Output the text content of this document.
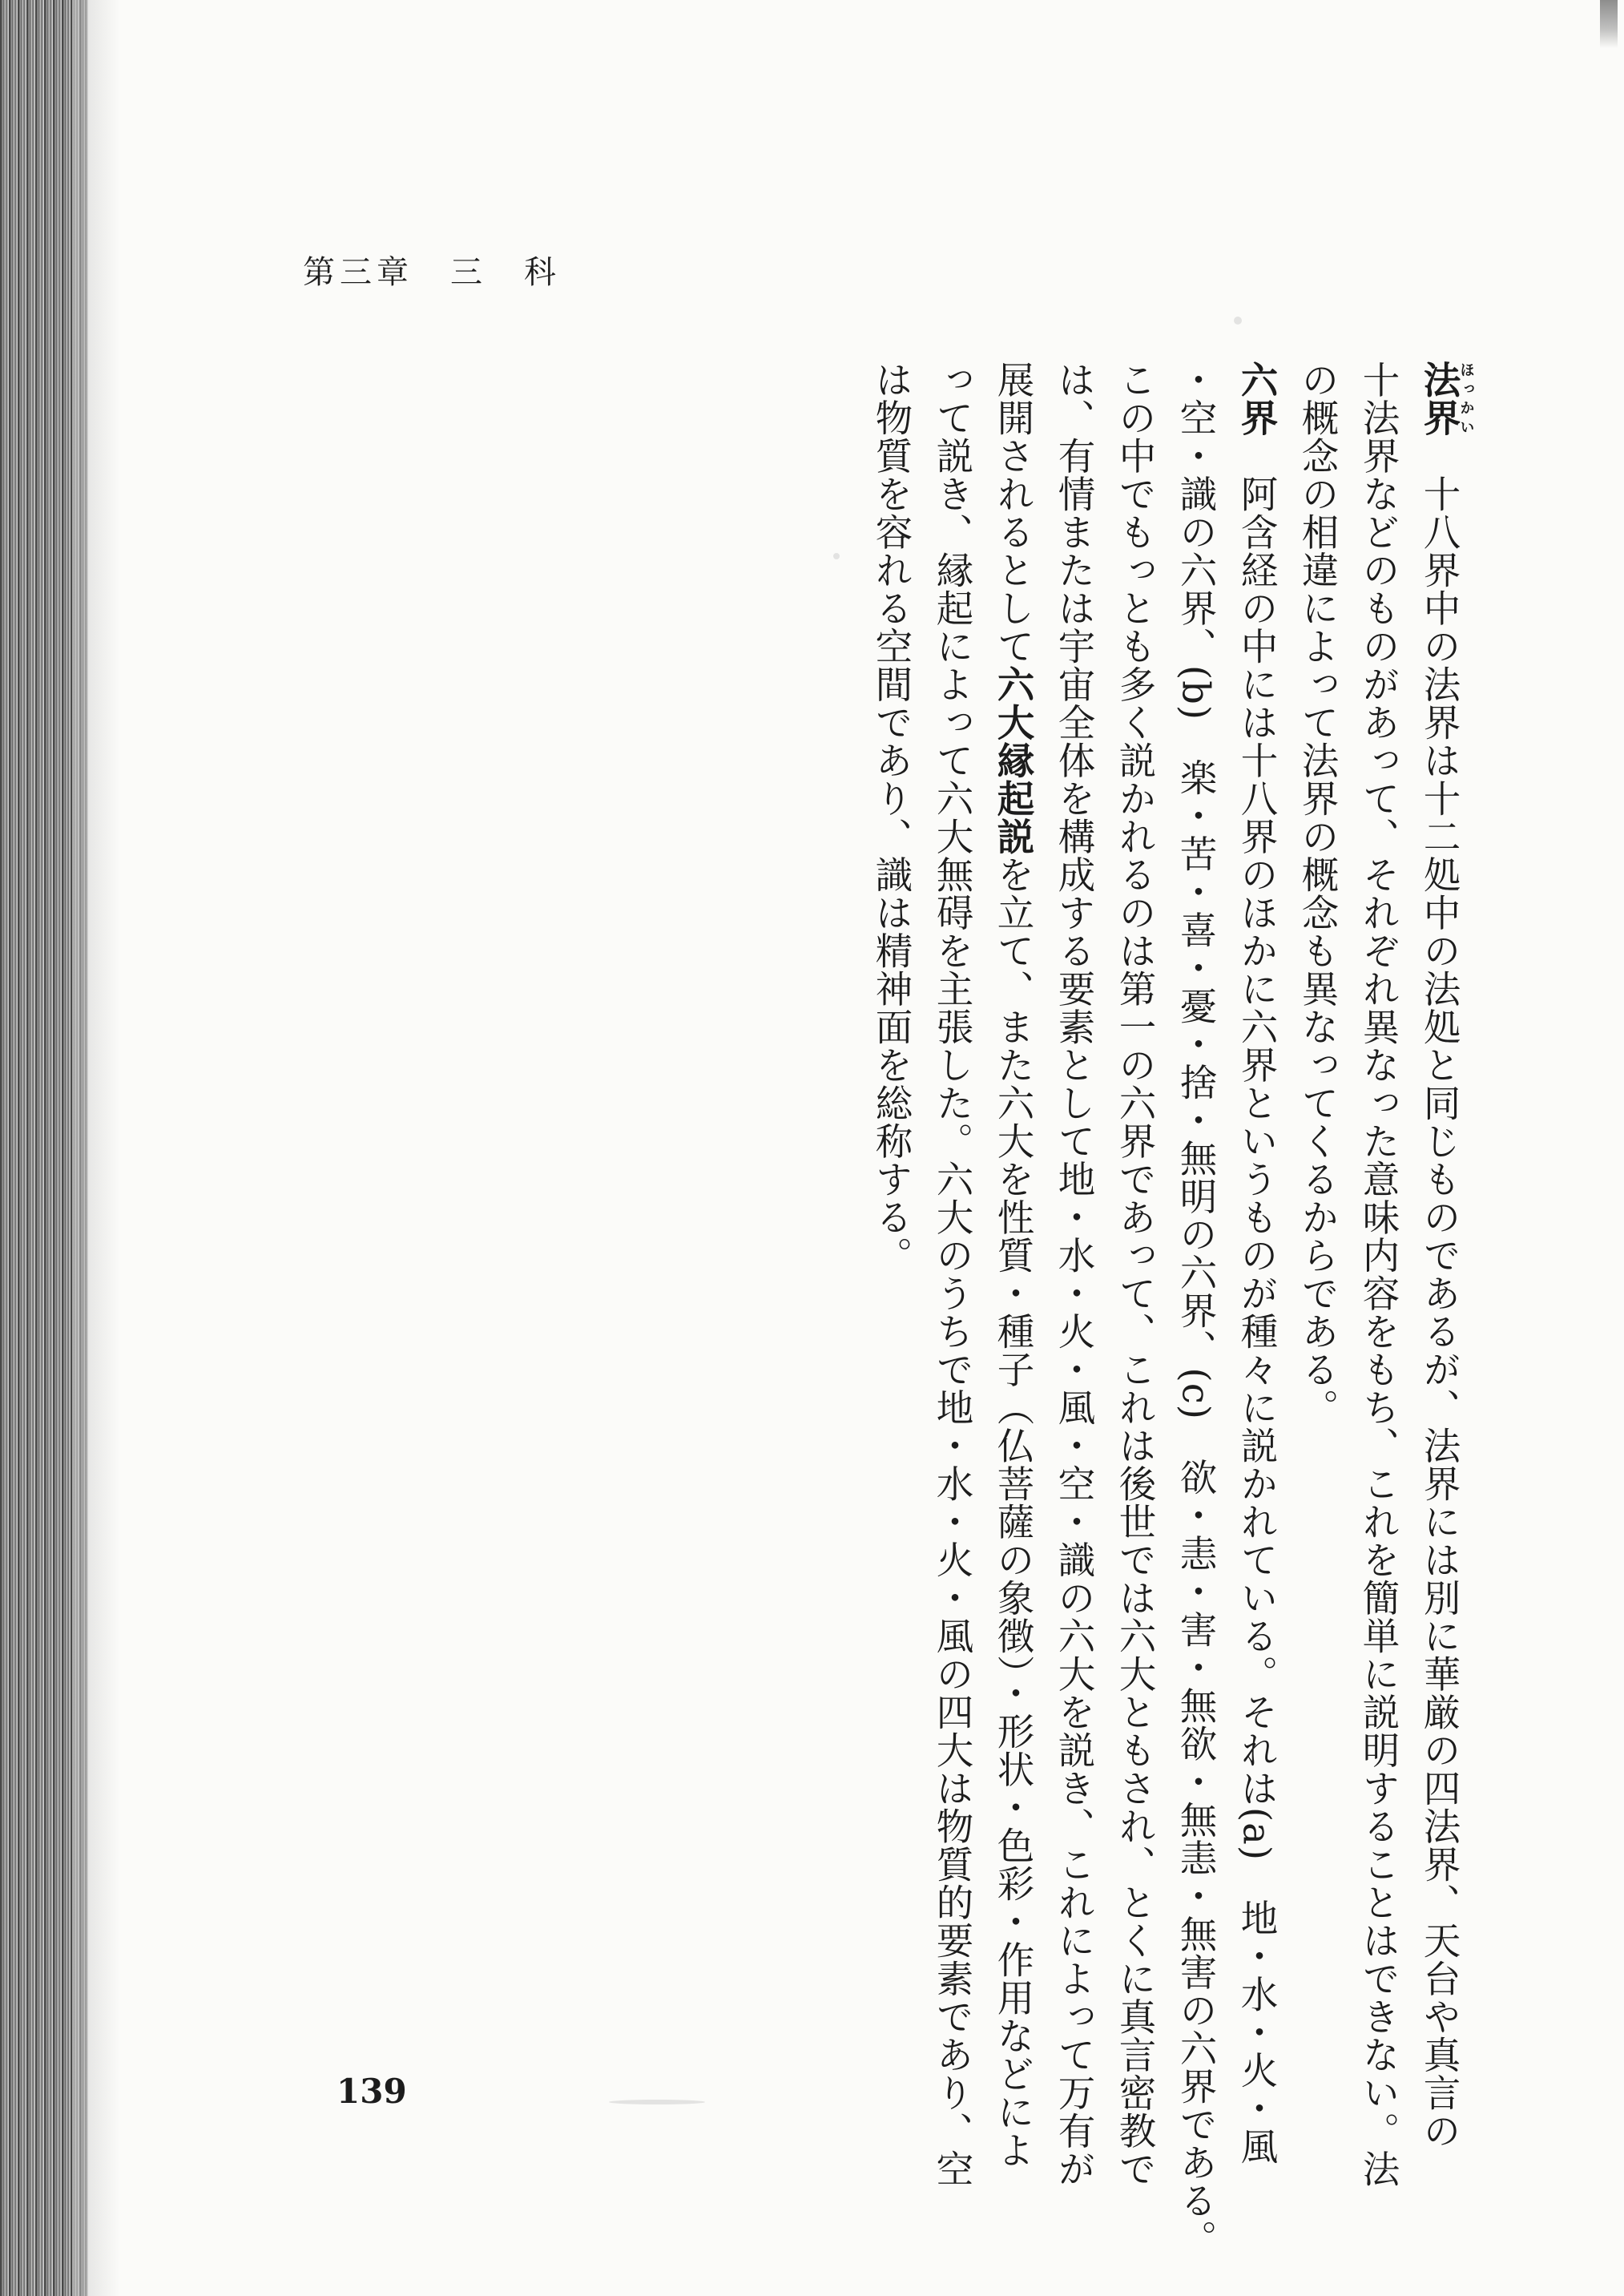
第三章　三　科

法界ほっかい　十八界中の法界は十二処中の法処と同じものであるが、法界には別に華厳の四法界、天台や真言の

十法界などのものがあって、それぞれ異なった意味内容をもち、これを簡単に説明することはできない。法

の概念の相違によって法界の概念も異なってくるからである。

六界　阿含経の中には十八界のほかに六界というものが種々に説かれている。それは(a)　地・水・火・風

・空・識の六界、(b)　楽・苦・喜・憂・捨・無明の六界、(c)　欲・恚・害・無欲・無恚・無害の六界である。

この中でもっとも多く説かれるのは第一の六界であって、これは後世では六大ともされ、とくに真言密教で

は、有情または宇宙全体を構成する要素として地・水・火・風・空・識の六大を説き、これによって万有が

展開されるとして六大縁起説を立て、また六大を性質・種子（仏菩薩の象徴）・形状・色彩・作用などによ

って説き、縁起によって六大無碍を主張した。六大のうちで地・水・火・風の四大は物質的要素であり、空

は物質を容れる空間であり、識は精神面を総称する。

139
